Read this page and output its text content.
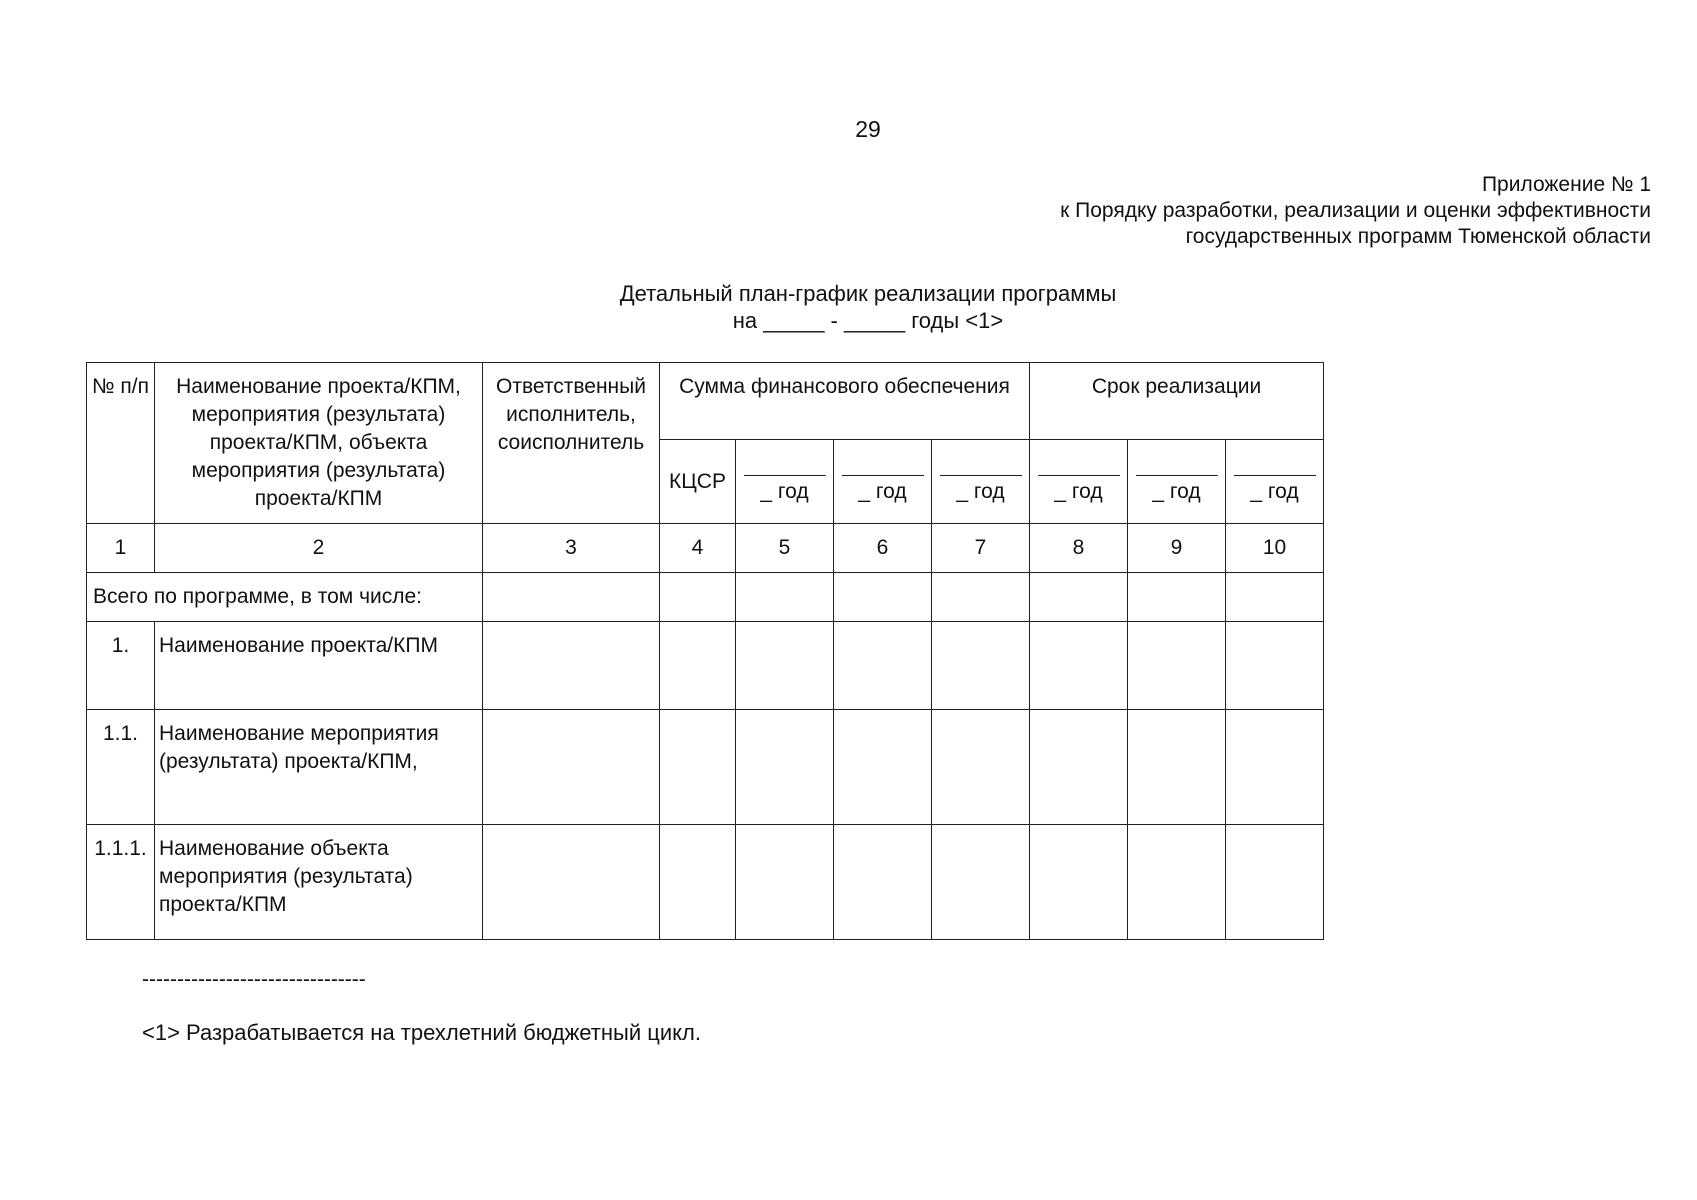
29
Приложение № 1
к Порядку разработки, реализации и оценки эффективности
государственных программ Тюменской области
Детальный план-график реализации программы
на _____ - _____ годы <1>
№ п/п	Наименование проекта/КПМ, мероприятия (результата) проекта/КПМ, объекта мероприятия (результата) проекта/КПМ	Ответственный исполнитель, соисполнитель	Сумма финансового обеспечения				Срок реализации		
			КЦСР	_ год	_ год	_ год	_ год	_ год	_ год

1	2	3	4	5	6	7	8	9	10
Всего по программе, в том числе:									
1.	Наименование проекта/КПМ								
1.1.	Наименование мероприятия (результата) проекта/КПМ,								
1.1.1.	Наименование объекта мероприятия (результата) проекта/КПМ								
--------------------------------
<1> Разрабатывается на трехлетний бюджетный цикл.
